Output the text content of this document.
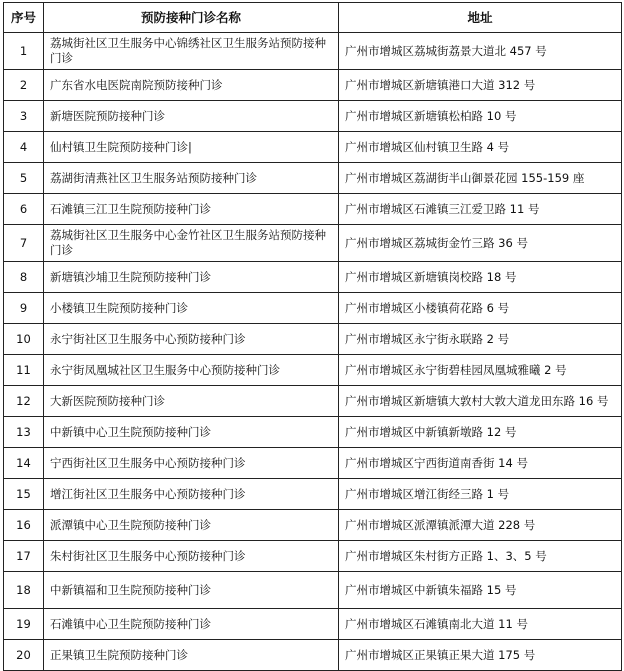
序号	预防接种门诊名称	地址
1	荔城街社区卫生服务中心锦绣社区卫生服务站预防接种门诊	广州市增城区荔城街荔景大道北 457 号
2	广东省水电医院南院预防接种门诊	广州市增城区新塘镇港口大道 312 号
3	新塘医院预防接种门诊	广州市增城区新塘镇松柏路 10 号
4	仙村镇卫生院预防接种门诊|	广州市增城区仙村镇卫生路 4 号
5	荔湖街清燕社区卫生服务站预防接种门诊	广州市增城区荔湖街半山御景花园 155-159 座
6	石滩镇三江卫生院预防接种门诊	广州市增城区石滩镇三江爱卫路 11 号
7	荔城街社区卫生服务中心金竹社区卫生服务站预防接种门诊	广州市增城区荔城街金竹三路 36 号
8	新塘镇沙埔卫生院预防接种门诊	广州市增城区新塘镇岗校路 18 号
9	小楼镇卫生院预防接种门诊	广州市增城区小楼镇荷花路 6 号
10	永宁街社区卫生服务中心预防接种门诊	广州市增城区永宁街永联路 2 号
11	永宁街凤凰城社区卫生服务中心预防接种门诊	广州市增城区永宁街碧桂园凤凰城雅曦 2 号
12	大新医院预防接种门诊	广州市增城区新塘镇大敦村大敦大道龙田东路 16 号
13	中新镇中心卫生院预防接种门诊	广州市增城区中新镇新墩路 12 号
14	宁西街社区卫生服务中心预防接种门诊	广州市增城区宁西街道南香街 14 号
15	增江街社区卫生服务中心预防接种门诊	广州市增城区增江街经三路 1 号
16	派潭镇中心卫生院预防接种门诊	广州市增城区派潭镇派潭大道 228 号
17	朱村街社区卫生服务中心预防接种门诊	广州市增城区朱村街方正路 1、3、5 号
18	中新镇福和卫生院预防接种门诊	广州市增城区中新镇朱福路 15 号
19	石滩镇中心卫生院预防接种门诊	广州市增城区石滩镇南北大道 11 号
20	正果镇卫生院预防接种门诊	广州市增城区正果镇正果大道 175 号
